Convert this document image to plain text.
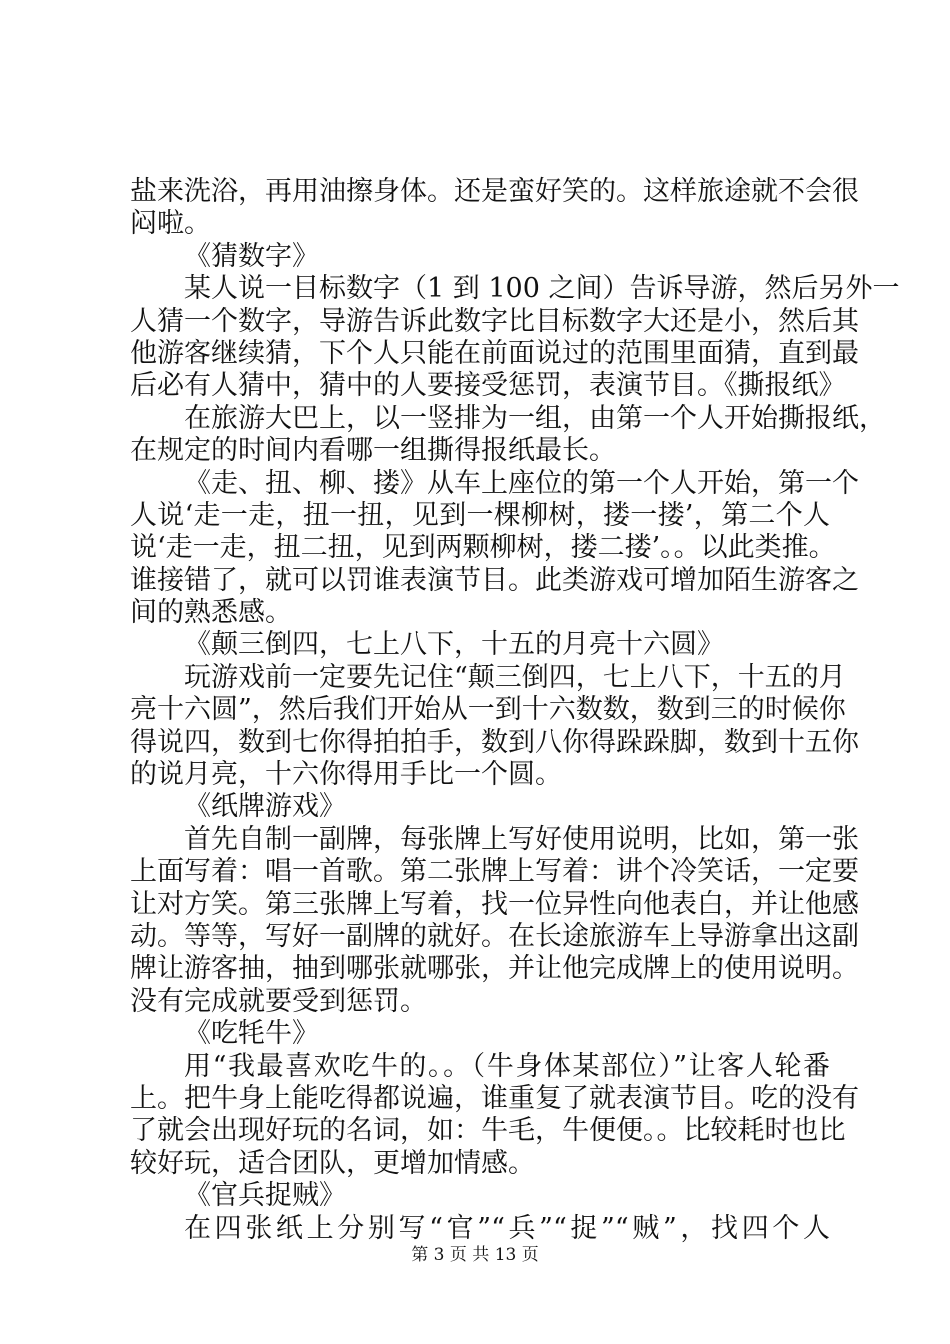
盐来洗浴，再用油擦身体。还是蛮好笑的。这样旅途就不会很
闷啦。
《猜数字》
某人说一目标数字（1 到 100 之间）告诉导游，然后另外一
人猜一个数字，导游告诉此数字比目标数字大还是小，然后其
他游客继续猜，下个人只能在前面说过的范围里面猜，直到最
后必有人猜中，猜中的人要接受惩罚，表演节目。《撕报纸》
在旅游大巴上，以一竖排为一组，由第一个人开始撕报纸，
在规定的时间内看哪一组撕得报纸最长。
《走、扭、柳、搂》从车上座位的第一个人开始，第一个
人说‘走一走，扭一扭，见到一棵柳树，搂一搂’，第二个人
说‘走一走，扭二扭，见到两颗柳树，搂二搂’。。以此类推。
谁接错了，就可以罚谁表演节目。此类游戏可增加陌生游客之
间的熟悉感。
《颠三倒四，七上八下，十五的月亮十六圆》
玩游戏前一定要先记住“颠三倒四，七上八下，十五的月
亮十六圆”，然后我们开始从一到十六数数，数到三的时候你
得说四，数到七你得拍拍手，数到八你得跺跺脚，数到十五你
的说月亮，十六你得用手比一个圆。
《纸牌游戏》
首先自制一副牌，每张牌上写好使用说明，比如，第一张
上面写着：唱一首歌。第二张牌上写着：讲个冷笑话，一定要
让对方笑。第三张牌上写着，找一位异性向他表白，并让他感
动。等等，写好一副牌的就好。在长途旅游车上导游拿出这副
牌让游客抽，抽到哪张就哪张，并让他完成牌上的使用说明。
没有完成就要受到惩罚。
《吃牦牛》
用“我最喜欢吃牛的。。（牛身体某部位）”让客人轮番
上。把牛身上能吃得都说遍，谁重复了就表演节目。吃的没有
了就会出现好玩的名词，如：牛毛，牛便便。。比较耗时也比
较好玩，适合团队，更增加情感。
《官兵捉贼》
在四张纸上分别写“官”“兵”“捉”“贼”，找四个人
第 3 页 共 13 页
